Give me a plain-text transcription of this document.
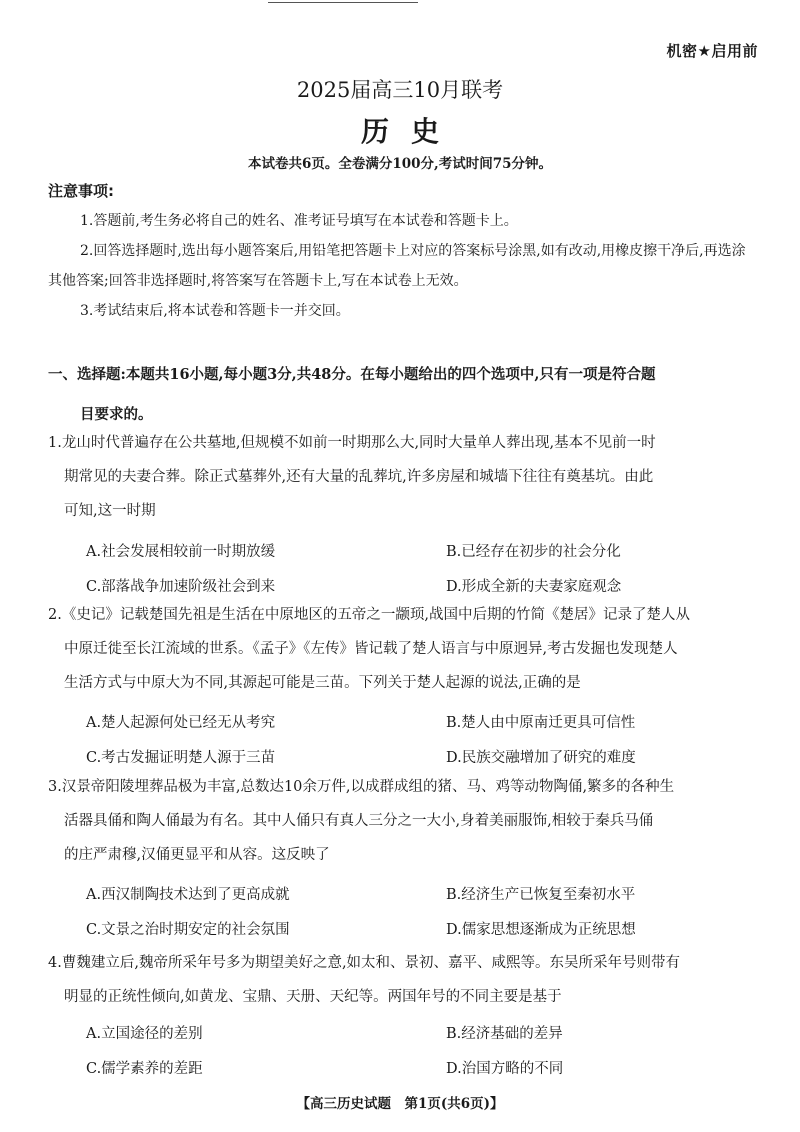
机密★启用前
2025届高三10月联考
历史
本试卷共6页。全卷满分100分,考试时间75分钟。
注意事项:
1.答题前,考生务必将自己的姓名、准考证号填写在本试卷和答题卡上。
2.回答选择题时,选出每小题答案后,用铅笔把答题卡上对应的答案标号涂黑,如有改动,用橡皮擦干净后,再选涂其他答案;回答非选择题时,将答案写在答题卡上,写在本试卷上无效。
3.考试结束后,将本试卷和答题卡一并交回。
一、选择题:本题共16小题,每小题3分,共48分。在每小题给出的四个选项中,只有一项是符合题
目要求的。
1.龙山时代普遍存在公共墓地,但规模不如前一时期那么大,同时大量单人葬出现,基本不见前一时
期常见的夫妻合葬。除正式墓葬外,还有大量的乱葬坑,许多房屋和城墙下往往有奠基坑。由此
可知,这一时期
A.社会发展相较前一时期放缓	B.已经存在初步的社会分化
C.部落战争加速阶级社会到来	D.形成全新的夫妻家庭观念
2.《史记》记载楚国先祖是生活在中原地区的五帝之一颛顼,战国中后期的竹简《楚居》记录了楚人从
中原迁徙至长江流域的世系。《孟子》《左传》皆记载了楚人语言与中原迥异,考古发掘也发现楚人
生活方式与中原大为不同,其源起可能是三苗。下列关于楚人起源的说法,正确的是
A.楚人起源何处已经无从考究	B.楚人由中原南迁更具可信性
C.考古发掘证明楚人源于三苗	D.民族交融增加了研究的难度
3.汉景帝阳陵埋葬品极为丰富,总数达10余万件,以成群成组的猪、马、鸡等动物陶俑,繁多的各种生
活器具俑和陶人俑最为有名。其中人俑只有真人三分之一大小,身着美丽服饰,相较于秦兵马俑
的庄严肃穆,汉俑更显平和从容。这反映了
A.西汉制陶技术达到了更高成就	B.经济生产已恢复至秦初水平
C.文景之治时期安定的社会氛围	D.儒家思想逐渐成为正统思想
4.曹魏建立后,魏帝所采年号多为期望美好之意,如太和、景初、嘉平、咸熙等。东吴所采年号则带有
明显的正统性倾向,如黄龙、宝鼎、天册、天纪等。两国年号的不同主要是基于
A.立国途径的差别	B.经济基础的差异
C.儒学素养的差距	D.治国方略的不同
【高三历史试题　第1页(共6页)】
